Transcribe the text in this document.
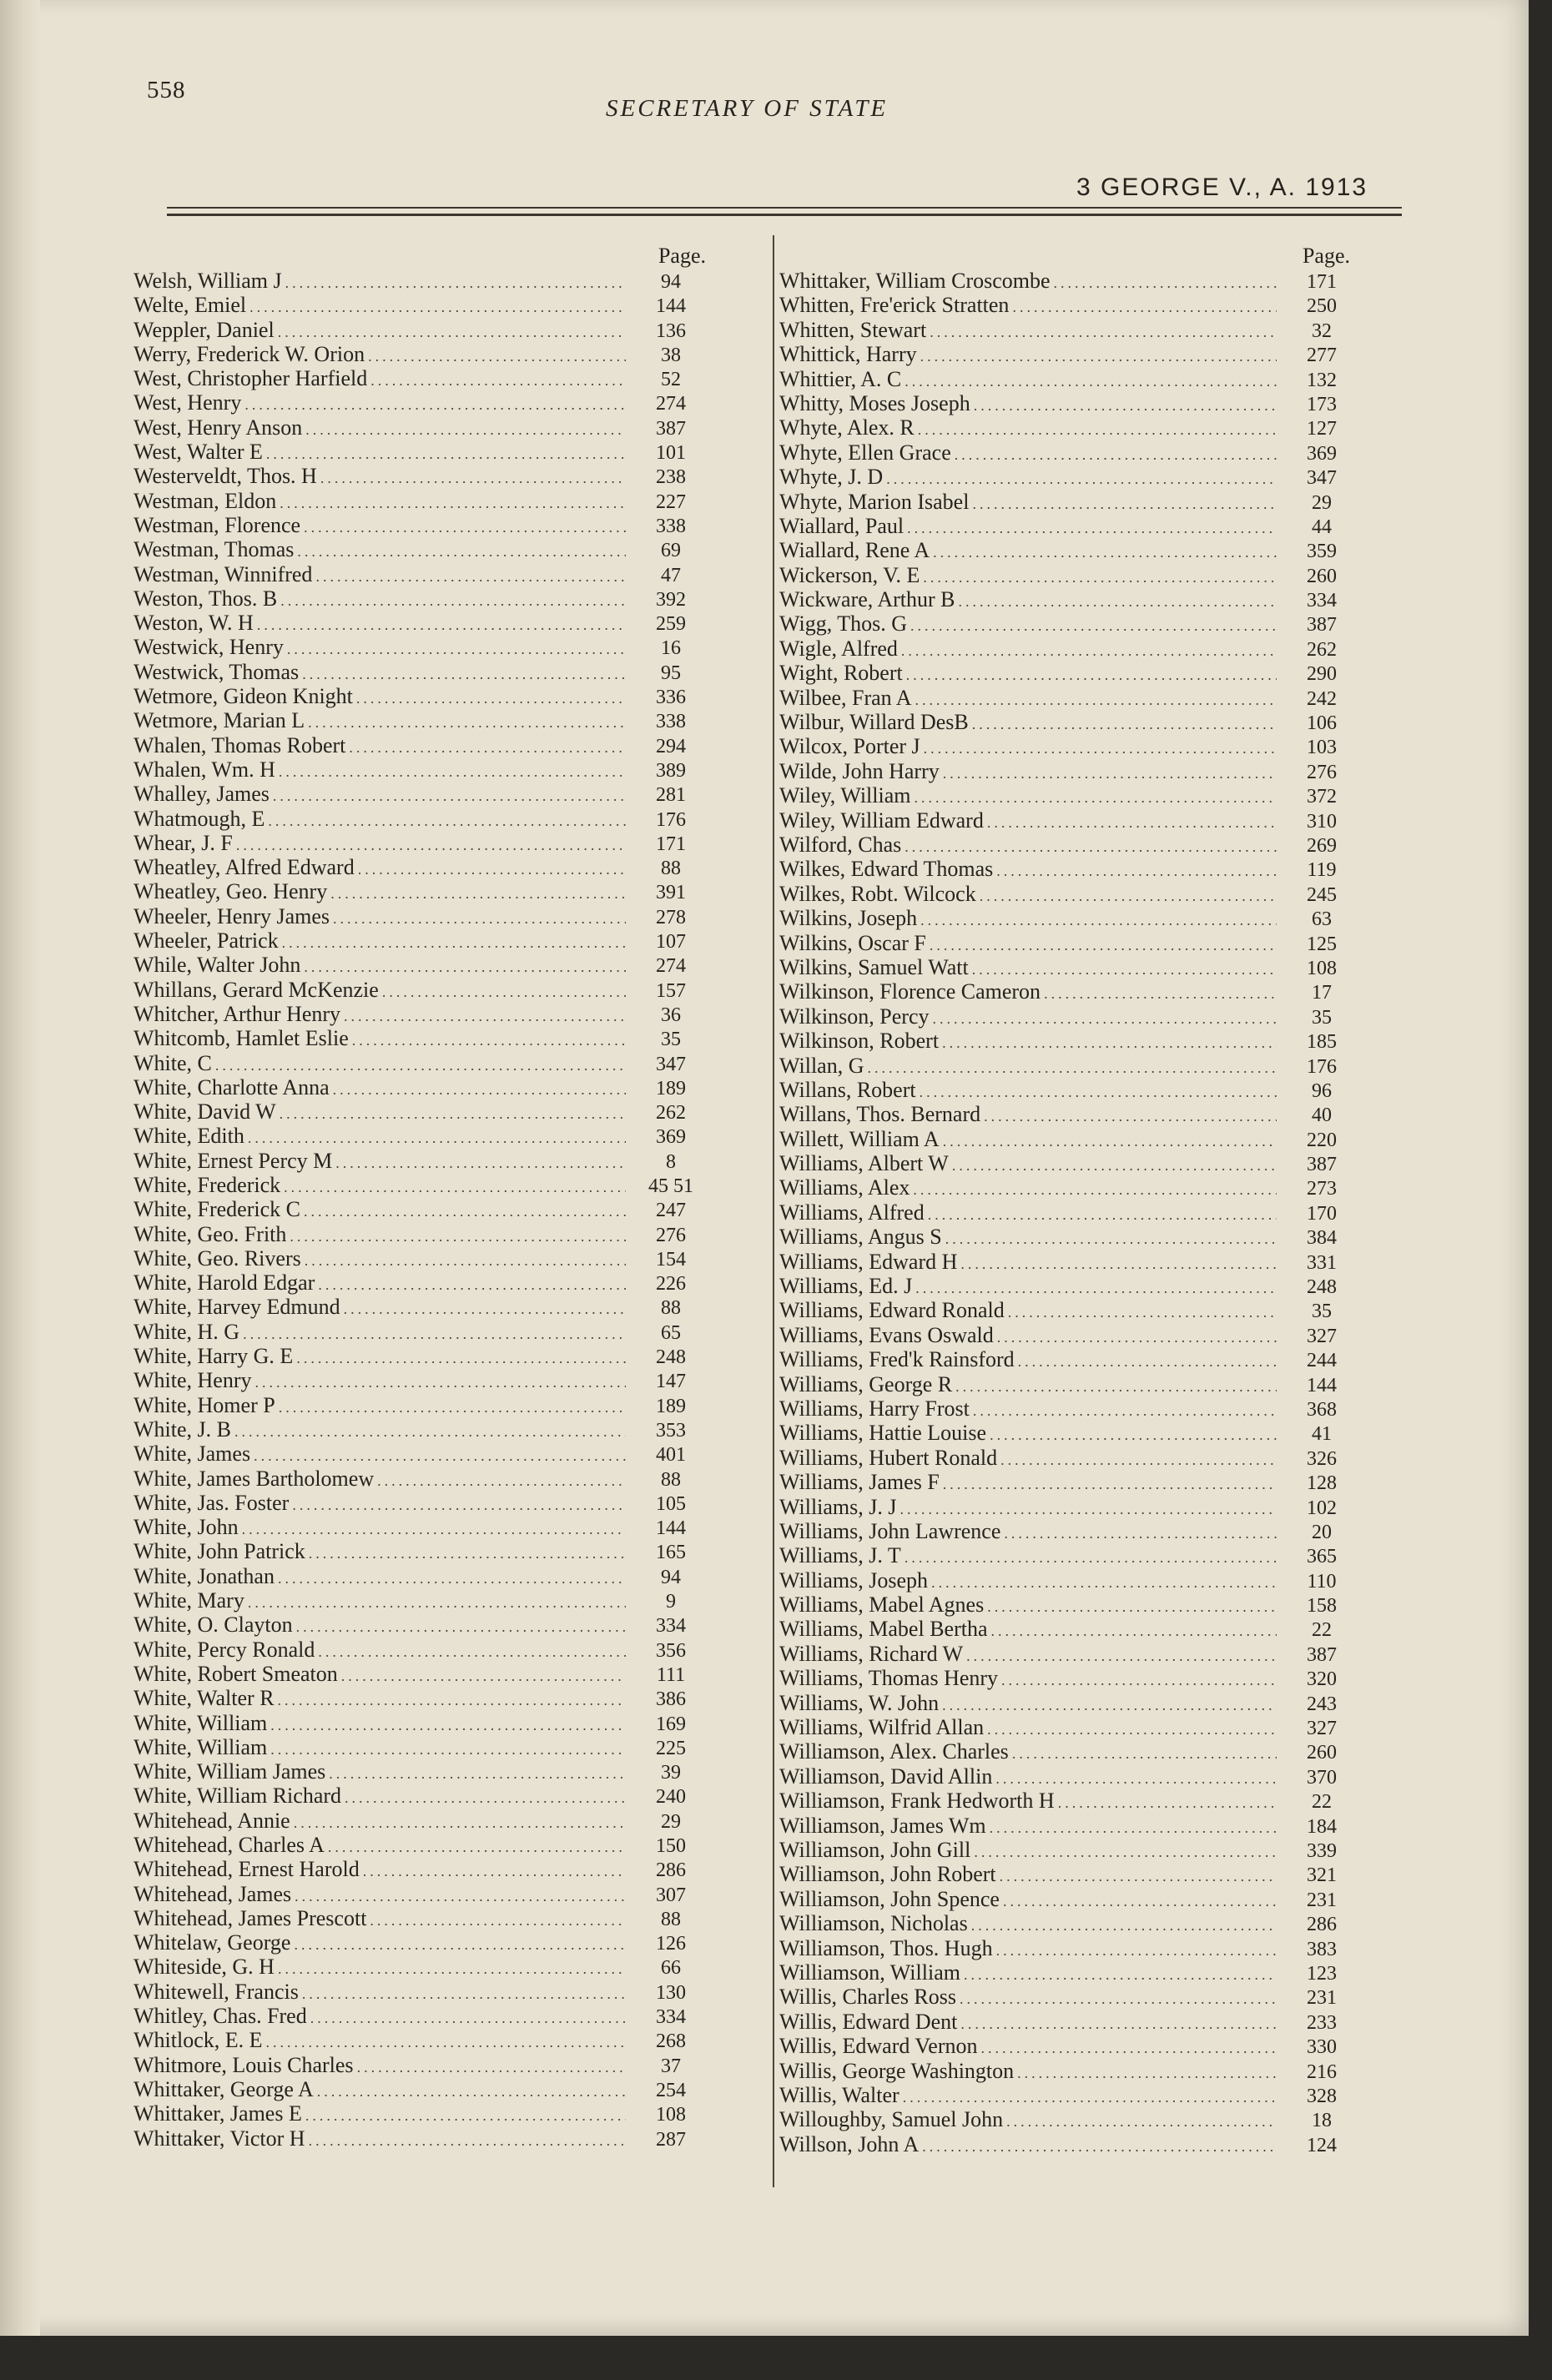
558
SECRETARY OF STATE
3 GEORGE V., A. 1913
Page.
Welsh, William J .....	94
Welte, Emiel .....	144
Weppler, Daniel .....	136
Werry, Frederick W. Orion .....	38
West, Christopher Harfield .....	52
West, Henry .....	274
West, Henry Anson .....	387
West, Walter E .....	101
Westerveldt, Thos. H .....	238
Westman, Eldon .....	227
Westman, Florence .....	338
Westman, Thomas .....	69
Westman, Winnifred .....	47
Weston, Thos. B .....	392
Weston, W. H .....	259
Westwick, Henry .....	16
Westwick, Thomas .....	95
Wetmore, Gideon Knight .....	336
Wetmore, Marian L .....	338
Whalen, Thomas Robert .....	294
Whalen, Wm. H .....	389
Whalley, James .....	281
Whatmough, E .....	176
Whear, J. F .....	171
Wheatley, Alfred Edward .....	88
Wheatley, Geo. Henry .....	391
Wheeler, Henry James .....	278
Wheeler, Patrick .....	107
While, Walter John .....	274
Whillans, Gerard McKenzie .....	157
Whitcher, Arthur Henry .....	36
Whitcomb, Hamlet Eslie .....	35
White, C .....	347
White, Charlotte Anna .....	189
White, David W .....	262
White, Edith .....	369
White, Ernest Percy M .....	8
White, Frederick .....	45 51
White, Frederick C .....	247
White, Geo. Frith .....	276
White, Geo. Rivers .....	154
White, Harold Edgar .....	226
White, Harvey Edmund .....	88
White, H. G .....	65
White, Harry G. E .....	248
White, Henry .....	147
White, Homer P .....	189
White, J. B .....	353
White, James .....	401
White, James Bartholomew .....	88
White, Jas. Foster .....	105
White, John .....	144
White, John Patrick .....	165
White, Jonathan .....	94
White, Mary .....	9
White, O. Clayton .....	334
White, Percy Ronald .....	356
White, Robert Smeaton .....	111
White, Walter R .....	386
White, William .....	169
White, William .....	225
White, William James .....	39
White, William Richard .....	240
Whitehead, Annie .....	29
Whitehead, Charles A .....	150
Whitehead, Ernest Harold .....	286
Whitehead, James .....	307
Whitehead, James Prescott .....	88
Whitelaw, George .....	126
Whiteside, G. H .....	66
Whitewell, Francis .....	130
Whitley, Chas. Fred .....	334
Whitlock, E. E .....	268
Whitmore, Louis Charles .....	37
Whittaker, George A .....	254
Whittaker, James E .....	108
Whittaker, Victor H .....	287
Page.
Whittaker, William Croscombe .....	171
Whitten, Fre'erick Stratten .....	250
Whitten, Stewart .....	32
Whittick, Harry .....	277
Whittier, A. C .....	132
Whitty, Moses Joseph .....	173
Whyte, Alex. R .....	127
Whyte, Ellen Grace .....	369
Whyte, J. D .....	347
Whyte, Marion Isabel .....	29
Wiallard, Paul .....	44
Wiallard, Rene A .....	359
Wickerson, V. E .....	260
Wickware, Arthur B .....	334
Wigg, Thos. G .....	387
Wigle, Alfred .....	262
Wight, Robert .....	290
Wilbee, Fran A .....	242
Wilbur, Willard DesB .....	106
Wilcox, Porter J .....	103
Wilde, John Harry .....	276
Wiley, William .....	372
Wiley, William Edward .....	310
Wilford, Chas .....	269
Wilkes, Edward Thomas .....	119
Wilkes, Robt. Wilcock .....	245
Wilkins, Joseph .....	63
Wilkins, Oscar F .....	125
Wilkins, Samuel Watt .....	108
Wilkinson, Florence Cameron .....	17
Wilkinson, Percy .....	35
Wilkinson, Robert .....	185
Willan, G .....	176
Willans, Robert .....	96
Willans, Thos. Bernard .....	40
Willett, William A .....	220
Williams, Albert W .....	387
Williams, Alex .....	273
Williams, Alfred .....	170
Williams, Angus S .....	384
Williams, Edward H .....	331
Williams, Ed. J .....	248
Williams, Edward Ronald .....	35
Williams, Evans Oswald .....	327
Williams, Fred'k Rainsford .....	244
Williams, George R .....	144
Williams, Harry Frost .....	368
Williams, Hattie Louise .....	41
Williams, Hubert Ronald .....	326
Williams, James F .....	128
Williams, J. J .....	102
Williams, John Lawrence .....	20
Williams, J. T .....	365
Williams, Joseph .....	110
Williams, Mabel Agnes .....	158
Williams, Mabel Bertha .....	22
Williams, Richard W .....	387
Williams, Thomas Henry .....	320
Williams, W. John .....	243
Williams, Wilfrid Allan .....	327
Williamson, Alex. Charles .....	260
Williamson, David Allin .....	370
Williamson, Frank Hedworth H .....	22
Williamson, James Wm .....	184
Williamson, John Gill .....	339
Williamson, John Robert .....	321
Williamson, John Spence .....	231
Williamson, Nicholas .....	286
Williamson, Thos. Hugh .....	383
Williamson, William .....	123
Willis, Charles Ross .....	231
Willis, Edward Dent .....	233
Willis, Edward Vernon .....	330
Willis, George Washington .....	216
Willis, Walter .....	328
Willoughby, Samuel John .....	18
Willson, John A .....	124
